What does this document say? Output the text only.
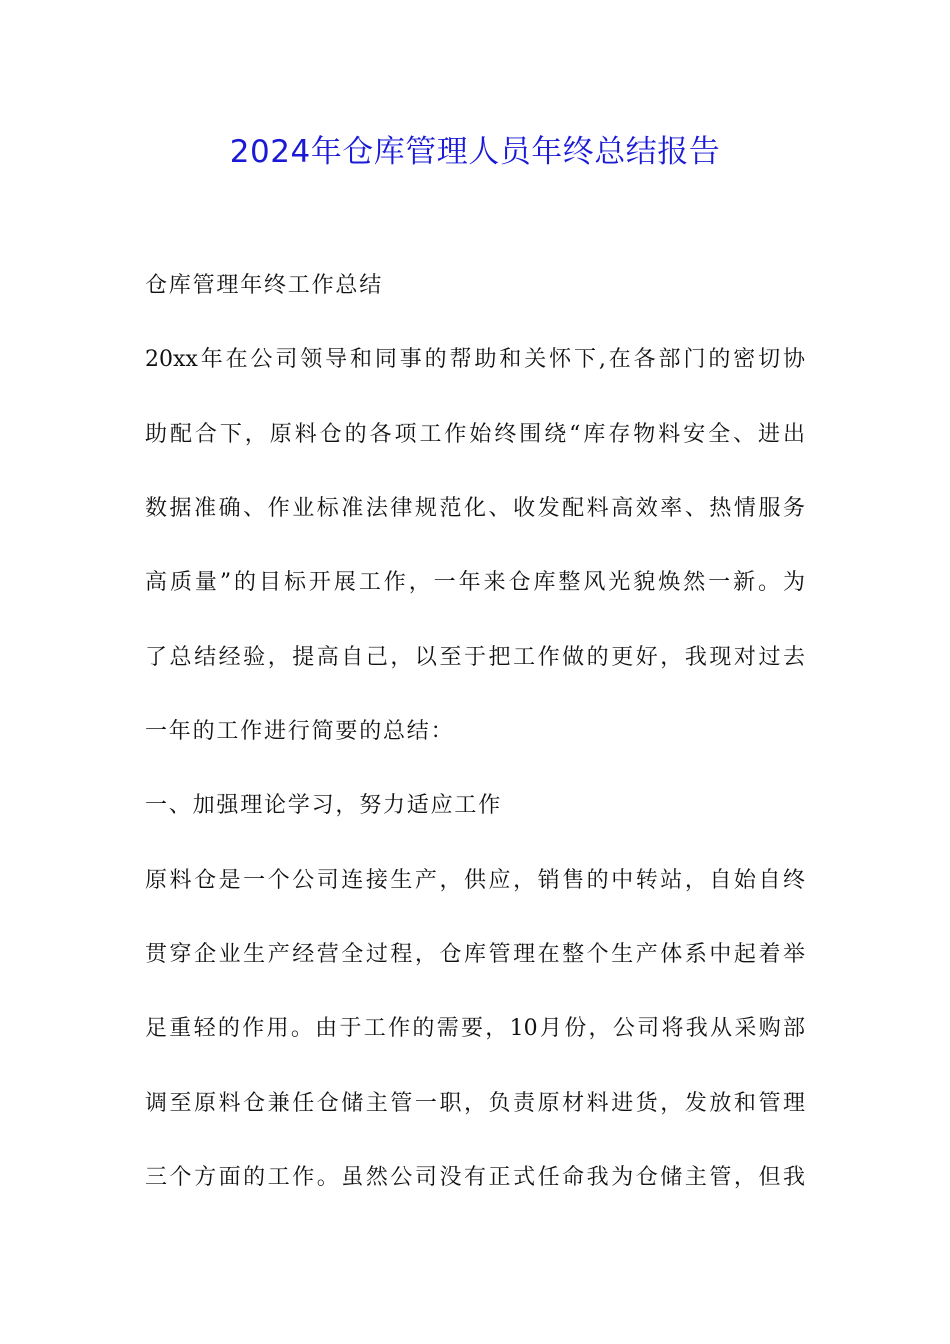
2024年仓库管理人员年终总结报告
仓库管理年终工作总结
20xx年在公司领导和同事的帮助和关怀下,在各部门的密切协
助配合下，原料仓的各项工作始终围绕“库存物料安全、进出
数据准确、作业标准法律规范化、收发配料高效率、热情服务
高质量”的目标开展工作，一年来仓库整风光貌焕然一新。为
了总结经验，提高自己，以至于把工作做的更好，我现对过去
一年的工作进行简要的总结：
一、加强理论学习，努力适应工作
原料仓是一个公司连接生产，供应，销售的中转站，自始自终
贯穿企业生产经营全过程，仓库管理在整个生产体系中起着举
足重轻的作用。由于工作的需要，10月份，公司将我从采购部
调至原料仓兼任仓储主管一职，负责原材料进货，发放和管理
三个方面的工作。虽然公司没有正式任命我为仓储主管，但我
